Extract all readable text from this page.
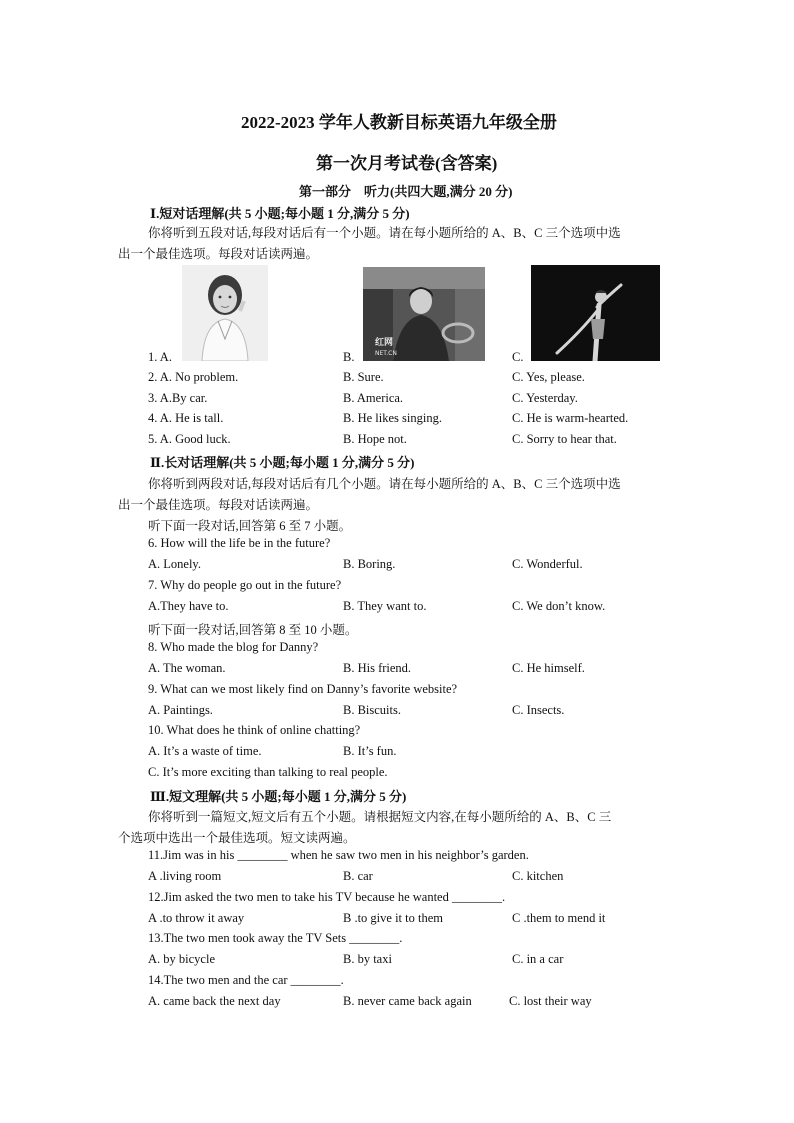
2022-2023 学年人教新目标英语九年级全册
第一次月考试卷(含答案)
第一部分　听力(共四大题,满分 20 分)
Ⅰ.短对话理解(共 5 小题;每小题 1 分,满分 5 分)
你将听到五段对话,每段对话后有一个小题。请在每小题所给的 A、B、C 三个选项中选
出一个最佳选项。每段对话读两遍。
红网
NET.CN
1. A.	B.	C.
2. A. No problem.	B. Sure.	C. Yes, please.
3. A.By car.	B. America.	C. Yesterday.
4. A. He is tall.	B. He likes singing.	C. He is warm-hearted.
5. A. Good luck.	B. Hope not.	C. Sorry to hear that.
Ⅱ.长对话理解(共 5 小题;每小题 1 分,满分 5 分)
你将听到两段对话,每段对话后有几个小题。请在每小题所给的 A、B、C 三个选项中选
出一个最佳选项。每段对话读两遍。
听下面一段对话,回答第 6 至 7 小题。
6. How will the life be in the future?
A. Lonely.	B. Boring.	C. Wonderful.
7. Why do people go out in the future?
A.They have to.	B. They want to.	C. We don’t know.
听下面一段对话,回答第 8 至 10 小题。
8. Who made the blog for Danny?
A. The woman.	B. His friend.	C. He himself.
9. What can we most likely find on Danny’s favorite website?
A. Paintings.	B. Biscuits.	C. Insects.
10. What does he think of online chatting?
A. It’s a waste of time.	B. It’s fun.
C. It’s more exciting than talking to real people.
Ⅲ.短文理解(共 5 小题;每小题 1 分,满分 5 分)
你将听到一篇短文,短文后有五个小题。请根据短文内容,在每小题所给的 A、B、C 三
个选项中选出一个最佳选项。短文读两遍。
11.Jim was in his ________ when he saw two men in his neighbor’s garden.
A .living room	B. car	C. kitchen
12.Jim asked the two men to take his TV because he wanted ________.
A .to throw it away	B .to give it to them	C .them to mend it
13.The two men took away the TV Sets ________.
A. by bicycle	B. by taxi	C. in a car
14.The two men and the car ________.
A. came back the next day	B. never came back again	C. lost their way
